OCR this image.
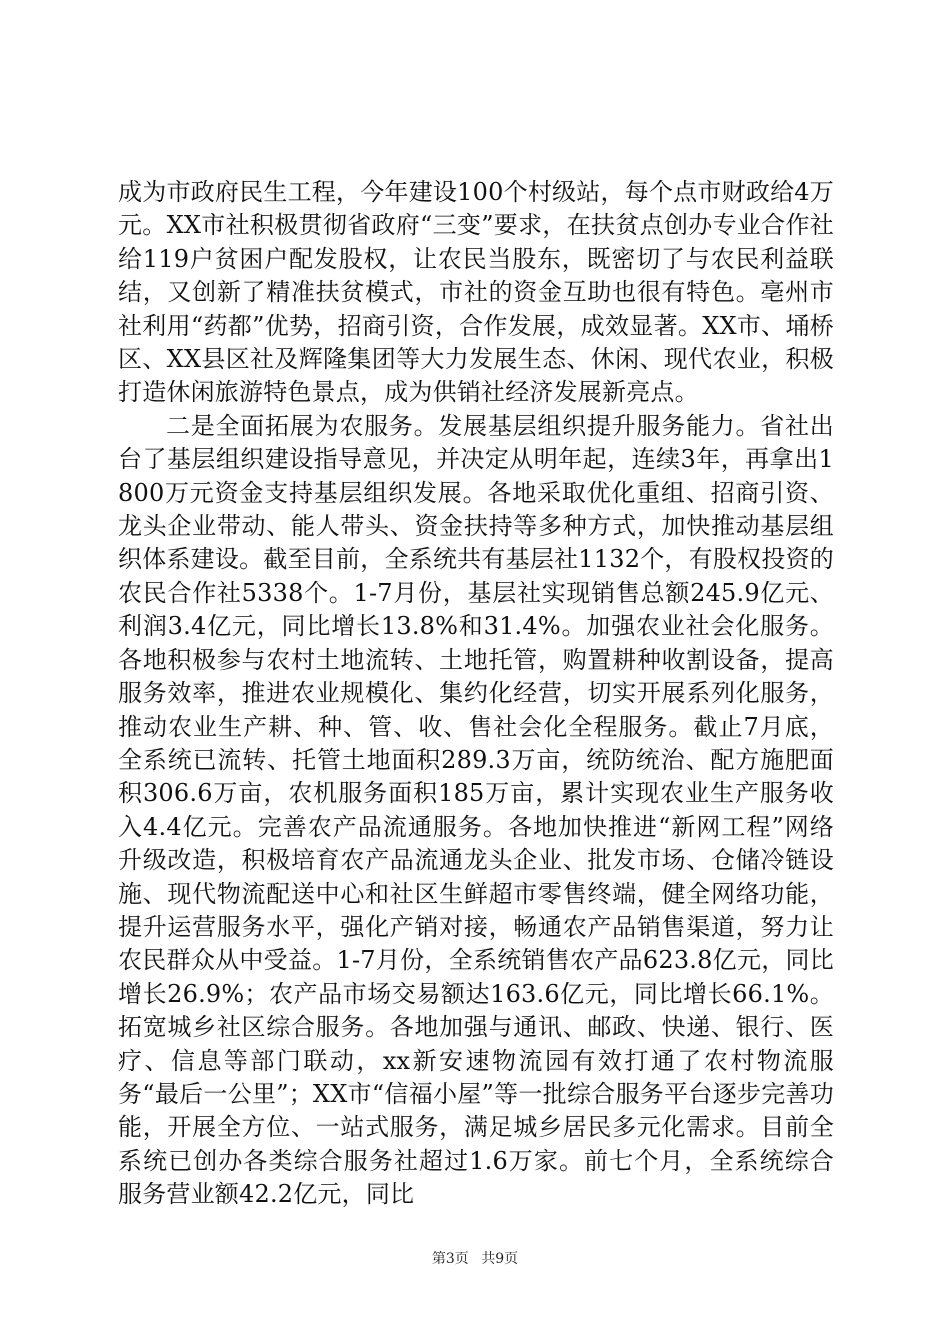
成为市政府民生工程，今年建设100个村级站，每个点市财政给4万元。XX市社积极贯彻省政府“三变”要求，在扶贫点创办专业合作社给119户贫困户配发股权，让农民当股东，既密切了与农民利益联结，又创新了精准扶贫模式，市社的资金互助也很有特色。亳州市社利用“药都”优势，招商引资，合作发展，成效显著。XX市、埇桥区、XX县区社及辉隆集团等大力发展生态、休闲、现代农业，积极打造休闲旅游特色景点，成为供销社经济发展新亮点。

二是全面拓展为农服务。发展基层组织提升服务能力。省社出台了基层组织建设指导意见，并决定从明年起，连续3年，再拿出1800万元资金支持基层组织发展。各地采取优化重组、招商引资、龙头企业带动、能人带头、资金扶持等多种方式，加快推动基层组织体系建设。截至目前，全系统共有基层社1132个，有股权投资的农民合作社5338个。1-7月份，基层社实现销售总额245.9亿元、利润3.4亿元，同比增长13.8%和31.4%。加强农业社会化服务。各地积极参与农村土地流转、土地托管，购置耕种收割设备，提高服务效率，推进农业规模化、集约化经营，切实开展系列化服务，推动农业生产耕、种、管、收、售社会化全程服务。截止7月底，全系统已流转、托管土地面积289.3万亩，统防统治、配方施肥面积306.6万亩，农机服务面积185万亩，累计实现农业生产服务收入4.4亿元。完善农产品流通服务。各地加快推进“新网工程”网络升级改造，积极培育农产品流通龙头企业、批发市场、仓储冷链设施、现代物流配送中心和社区生鲜超市零售终端，健全网络功能，提升运营服务水平，强化产销对接，畅通农产品销售渠道，努力让农民群众从中受益。1-7月份，全系统销售农产品623.8亿元，同比增长26.9%；农产品市场交易额达163.6亿元，同比增长66.1%。拓宽城乡社区综合服务。各地加强与通讯、邮政、快递、银行、医疗、信息等部门联动，xx新安速物流园有效打通了农村物流服务“最后一公里”；XX市“信福小屋”等一批综合服务平台逐步完善功能，开展全方位、一站式服务，满足城乡居民多元化需求。目前全系统已创办各类综合服务社超过1.6万家。前七个月，全系统综合服务营业额42.2亿元，同比

第3页 共9页
